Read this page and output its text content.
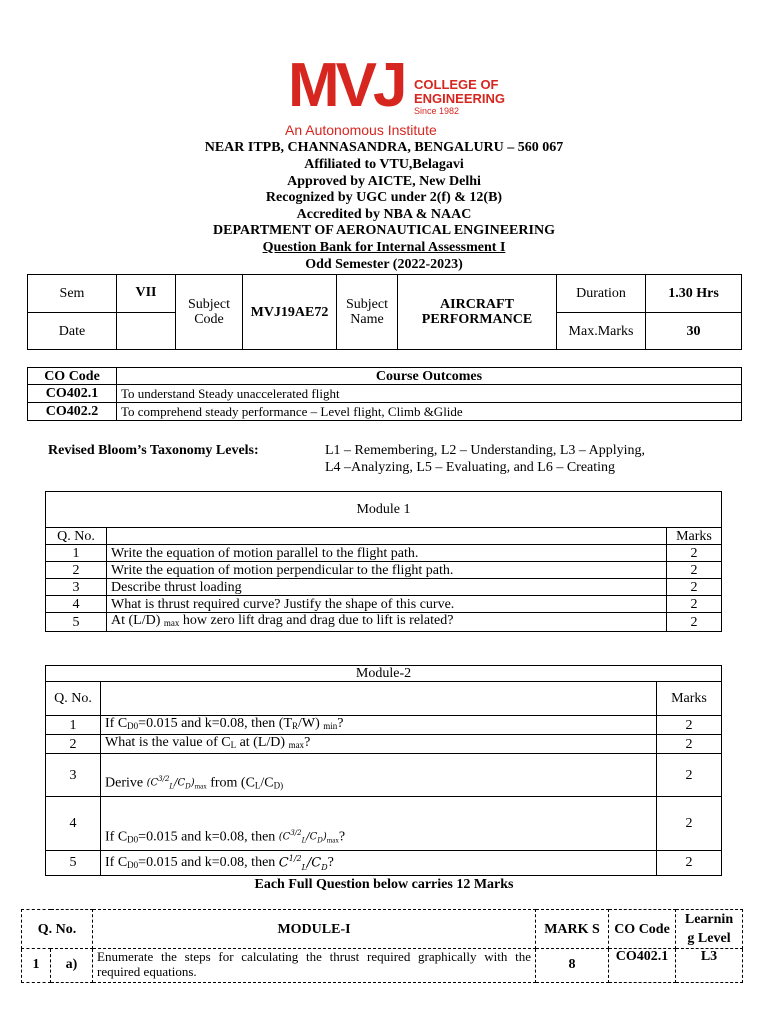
MVJ COLLEGE OF
ENGINEERING
Since 1982
An Autonomous Institute
NEAR ITPB, CHANNASANDRA, BENGALURU – 560 067
Affiliated to VTU,Belagavi
Approved by AICTE, New Delhi
Recognized by UGC under 2(f) & 12(B)
Accredited by NBA & NAAC
DEPARTMENT OF AERONAUTICAL ENGINEERING
Question Bank for Internal Assessment I
Odd Semester (2022-2023)
Sem	VII	Subject Code	MVJ19AE72	Subject Name	AIRCRAFT PERFORMANCE	Duration	1.30 Hrs
Date						Max.Marks	30
CO Code	Course Outcomes
CO402.1	To understand Steady unaccelerated flight
CO402.2	To comprehend steady performance – Level flight, Climb &Glide
Revised Bloom’s Taxonomy Levels:	L1 – Remembering, L2 – Understanding, L3 – Applying,
L4 –Analyzing, L5 – Evaluating, and L6 – Creating
Module 1		
Q. No.		Marks
1	Write the equation of motion parallel to the flight path.	2
2	Write the equation of motion perpendicular to the flight path.	2
3	Describe thrust loading	2
4	What is thrust required curve? Justify the shape of this curve.	2
5	At (L/D) $_{max}$ how zero lift drag and drag due to lift is related?	2
Module-2		
Q. No.		Marks
1	If $C_{D0}=0.015$ and k=0.08, then $(T_R/W)$ $_{min}$?	2
2	What is the value of $C_L$ at (L/D) $_{max}$?	2
3	Derive $(C^{3/2}_L/C_D)_{max}$ from ($C_L/C_{D)}$	2
4	If $C_{D0}=0.015$ and k=0.08, then $(C^{3/2}_L/C_D)_{max}$?	2
5	If $C_{D0}=0.015$ and k=0.08, then $C^{1/2}_L/C_D$?	2
Each Full Question below carries 12 Marks
Q. No.		MODULE-I	MARK S	CO Code	Learnin g Level
1	a)	Enumerate the steps for calculating the thrust required graphically with the required equations.	8	CO402.1	L3
